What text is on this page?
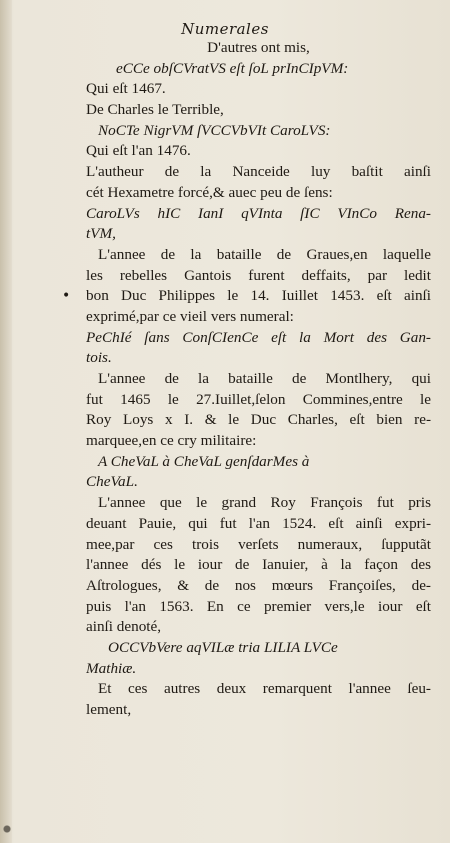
Numerales
•
D'autres ont mis,
eCCe obſCVratVS eſt ſoL prInCIpVM:
Qui eſt 1467.
De Charles le Terrible,
NoCTe NigrVM ſVCCVbVIt CaroLVS:
Qui eſt l'an 1476.
L'autheur de la Nanceide luy baſtit ainſi
cét Hexametre forcé,& auec peu de ſens:
CaroLVs hIC IanI qVInta ſIC VInCo Rena-
tVM,
L'annee de la bataille de Graues,en laquelle
les rebelles Gantois furent deffaits, par ledit
bon Duc Philippes le 14. Iuillet 1453. eſt ainſi
exprimé,par ce vieil vers numeral:
PeChIé ſans ConſCIenCe eſt la Mort des Gan-
tois.
L'annee de la bataille de Montlhery, qui
fut 1465 le 27.Iuillet,ſelon Commines,entre le
Roy Loys x I. & le Duc Charles, eſt bien re-
marquee,en ce cry militaire:
A CheVaL à CheVaL genſdarMes à
CheVaL.
L'annee que le grand Roy François fut pris
deuant Pauie, qui fut l'an 1524. eſt ainſi expri-
mee,par ces trois verſets numeraux, ſupputãt
l'annee dés le iour de Ianuier, à la façon des
Aſtrologues, & de nos mœurs Françoiſes, de-
puis l'an 1563. En ce premier vers,le iour eſt
ainſi denoté,
OCCVbVere aqVILæ tria LILIA LVCe
Mathiæ.
Et ces autres deux remarquent l'annee ſeu-
lement,
